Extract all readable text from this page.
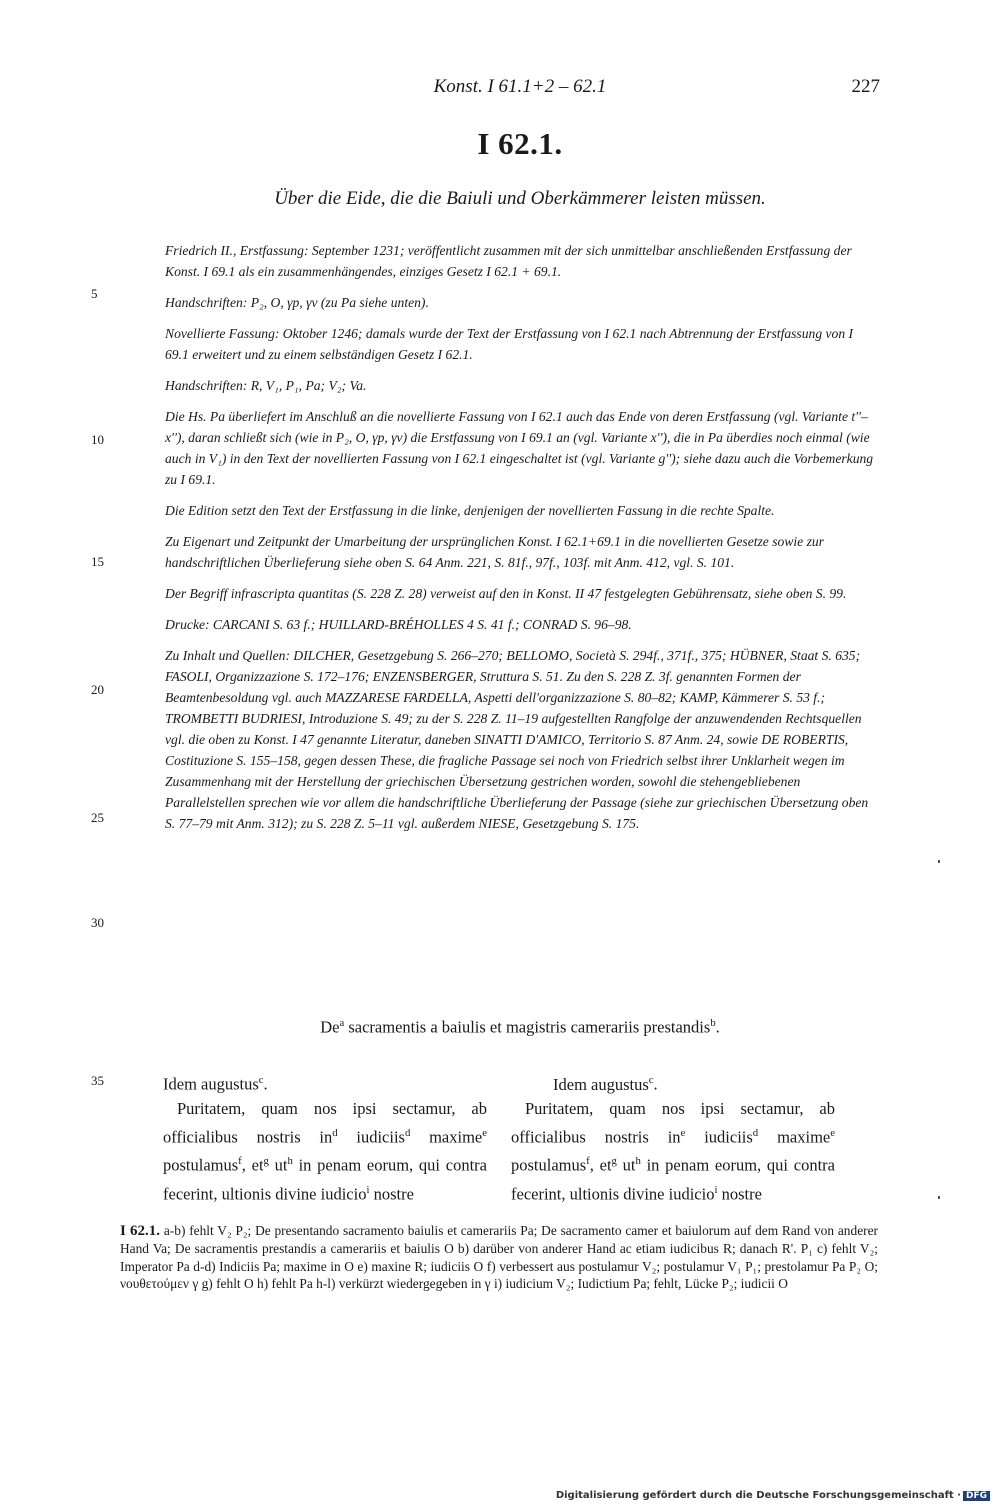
Konst. I 61.1+2 – 62.1	227
I 62.1.
Über die Eide, die die Baiuli und Oberkämmerer leisten müssen.

Friedrich II., Erstfassung: September 1231; veröffentlicht zusammen mit der sich unmittelbar anschließenden Erstfassung der Konst. I 69.1 als ein zusammenhängendes, einziges Gesetz I 62.1 + 69.1.

Handschriften: P₂, O, γp, γv (zu Pa siehe unten).

Novellierte Fassung: Oktober 1246; damals wurde der Text der Erstfassung von I 62.1 nach Abtrennung der Erstfassung von I 69.1 erweitert und zu einem selbständigen Gesetz I 62.1.

Handschriften: R, V₁, P₁, Pa; V₂; Va.

Die Hs. Pa überliefert im Anschluß an die novellierte Fassung von I 62.1 auch das Ende von deren Erstfassung (vgl. Variante t''–x''), daran schließt sich (wie in P₂, O, γp, γv) die Erstfassung von I 69.1 an (vgl. Variante x''), die in Pa überdies noch einmal (wie auch in V₁) in den Text der novellierten Fassung von I 62.1 eingeschaltet ist (vgl. Variante g''); siehe dazu auch die Vorbemerkung zu I 69.1.

Die Edition setzt den Text der Erstfassung in die linke, denjenigen der novellierten Fassung in die rechte Spalte.

Zu Eigenart und Zeitpunkt der Umarbeitung der ursprünglichen Konst. I 62.1+69.1 in die novellierten Gesetze sowie zur handschriftlichen Überlieferung siehe oben S. 64 Anm. 221, S. 81f., 97f., 103f. mit Anm. 412, vgl. S. 101.

Der Begriff infrascripta quantitas (S. 228 Z. 28) verweist auf den in Konst. II 47 festgelegten Gebührensatz, siehe oben S. 99.

Drucke: CARCANI S. 63 f.; HUILLARD-BRÉHOLLES 4 S. 41 f.; CONRAD S. 96–98.

Zu Inhalt und Quellen: DILCHER, Gesetzgebung S. 266–270; BELLOMO, Società S. 294f., 371f., 375; HÜBNER, Staat S. 635; FASOLI, Organizzazione S. 172–176; ENZENSBERGER, Struttura S. 51. Zu den S. 228 Z. 3f. genannten Formen der Beamtenbesoldung vgl. auch MAZZARESE FARDELLA, Aspetti dell'organizzazione S. 80–82; KAMP, Kämmerer S. 53 f.; TROMBETTI BUDRIESI, Introduzione S. 49; zu der S. 228 Z. 11–19 aufgestellten Rangfolge der anzuwendenden Rechtsquellen vgl. die oben zu Konst. I 47 genannte Literatur, daneben SINATTI D'AMICO, Territorio S. 87 Anm. 24, sowie DE ROBERTIS, Costituzione S. 155–158, gegen dessen These, die fragliche Passage sei noch von Friedrich selbst ihrer Unklarheit wegen im Zusammenhang mit der Herstellung der griechischen Übersetzung gestrichen worden, sowohl die stehengebliebenen Parallelstellen sprechen wie vor allem die handschriftliche Überlieferung der Passage (siehe zur griechischen Übersetzung oben S. 77–79 mit Anm. 312); zu S. 228 Z. 5–11 vgl. außerdem NIESE, Gesetzgebung S. 175.

5
10
15
20
25
30
35
De$^a$ sacramentis a baiulis et magistris camerariis prestandis$^b$.

Idem augustus$^c$.

Puritatem, quam nos ipsi sectamur, ab officialibus nostris $in^d$ iudiciis$^d$ maxime$^e$ postulamus$^f$, $et^g$ $ut^h$ in penam eorum, qui contra fecerint, ultionis divine iudicio$^i$ nostre

Idem augustus$^c$.

Puritatem, quam nos ipsi sectamur, ab officialibus nostris $in^e$ iudiciis$^d$ maxime$^e$ postulamus$^f$, $et^g$ $ut^h$ in penam eorum, qui contra fecerint, ultionis divine iudicio$^i$ nostre

I 62.1. a-b) fehlt V₂ P₂; De presentando sacramento baiulis et camerariis Pa; De sacramento camer et baiulorum auf dem Rand von anderer Hand Va; De sacramentis prestandis a camerariis et baiulis O b) darüber von anderer Hand ac etiam iudicibus R; danach R'. P₁ c) fehlt V₂; Imperator Pa d-d) Indiciis Pa; maxime in O e) maxine R; iudiciis O f) verbessert aus postulamur V₂; postulamur V₁ P₁; prestolamur Pa P₂ O; νουθετούμεν γ g) fehlt O h) fehlt Pa h-l) verkürzt wiedergegeben in γ i) iudicium V₂; Iudictium Pa; fehlt, Lücke P₂; iudicii O
Digitalisierung gefördert durch die Deutsche Forschungsgemeinschaft · DFG
